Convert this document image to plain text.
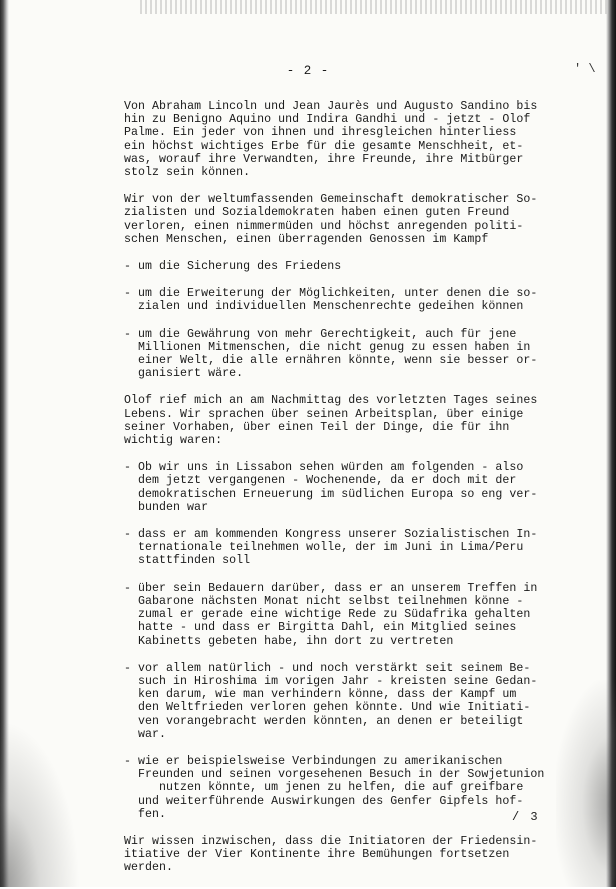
' \
- 2 -
Von Abraham Lincoln und Jean Jaurès und Augusto Sandino bis
hin zu Benigno Aquino und Indira Gandhi und - jetzt - Olof
Palme. Ein jeder von ihnen und ihresgleichen hinterliess
ein höchst wichtiges Erbe für die gesamte Menschheit, et-
was, worauf ihre Verwandten, ihre Freunde, ihre Mitbürger
stolz sein können.
Wir von der weltumfassenden Gemeinschaft demokratischer So-
zialisten und Sozialdemokraten haben einen guten Freund
verloren, einen nimmermüden und höchst anregenden politi-
schen Menschen, einen überragenden Genossen im Kampf
- um die Sicherung des Friedens
- um die Erweiterung der Möglichkeiten, unter denen die so-
zialen und individuellen Menschenrechte gedeihen können
- um die Gewährung von mehr Gerechtigkeit, auch für jene
Millionen Mitmenschen, die nicht genug zu essen haben in
einer Welt, die alle ernähren könnte, wenn sie besser or-
ganisiert wäre.
Olof rief mich an am Nachmittag des vorletzten Tages seines
Lebens. Wir sprachen über seinen Arbeitsplan, über einige
seiner Vorhaben, über einen Teil der Dinge, die für ihn
wichtig waren:
- Ob wir uns in Lissabon sehen würden am folgenden - also
dem jetzt vergangenen - Wochenende, da er doch mit der
demokratischen Erneuerung im südlichen Europa so eng ver-
bunden war
- dass er am kommenden Kongress unserer Sozialistischen In-
ternationale teilnehmen wolle, der im Juni in Lima/Peru
stattfinden soll
- über sein Bedauern darüber, dass er an unserem Treffen in
Gabarone nächsten Monat nicht selbst teilnehmen könne -
zumal er gerade eine wichtige Rede zu Südafrika gehalten
hatte - und dass er Birgitta Dahl, ein Mitglied seines
Kabinetts gebeten habe, ihn dort zu vertreten
- vor allem natürlich - und noch verstärkt seit seinem Be-
such in Hiroshima im vorigen Jahr - kreisten seine Gedan-
ken darum, wie man verhindern könne, dass der Kampf um
den Weltfrieden verloren gehen könnte. Und wie Initiati-
ven vorangebracht werden könnten, an denen er beteiligt
war.
- wie er beispielsweise Verbindungen zu amerikanischen
Freunden und seinen vorgesehenen Besuch in der Sowjetunion
nutzen könnte, um jenen zu helfen, die auf greifbare
und weiterführende Auswirkungen des Genfer Gipfels hof-
fen.
Wir wissen inzwischen, dass die Initiatoren der Friedensin-
itiative der Vier Kontinente ihre Bemühungen fortsetzen
werden.
/ 3
